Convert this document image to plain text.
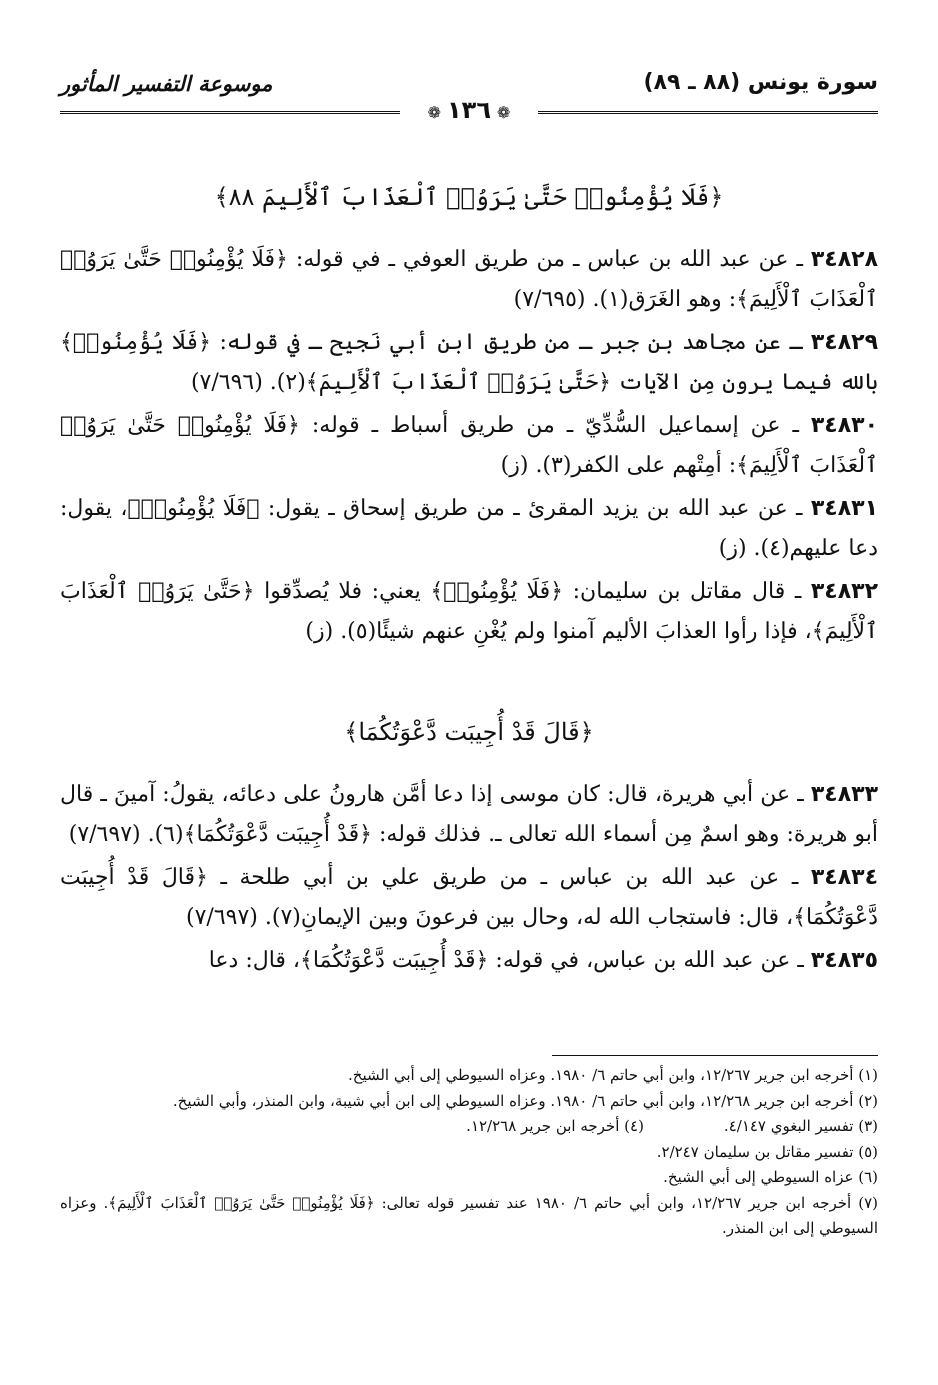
سورة يونس (٨٨ ـ ٨٩)
موسوعة التفسير المأثور
❁١٣٦❁
﴿فَلَا يُؤْمِنُوا۟ حَتَّىٰ يَرَوُا۟ ٱلْعَذَابَ ٱلْأَلِيمَ ٨٨﴾

٣٤٨٢٨ ـ عن عبد الله بن عباس ـ من طريق العوفي ـ في قوله: ﴿فَلَا يُؤْمِنُوا۟ حَتَّىٰ يَرَوُا۟ ٱلْعَذَابَ ٱلْأَلِيمَ﴾: وهو الغَرَق(١). (٧/٦٩٥)

٣٤٨٢٩ ـ عن مجاهد بن جبر ـ من طريق ابن أبي نَجيح ـ في قوله: ﴿فَلَا يُؤْمِنُوا۟﴾ بالله فيما يرون مِن الآيات ﴿حَتَّىٰ يَرَوُا۟ ٱلْعَذَابَ ٱلْأَلِيمَ﴾(٢). (٧/٦٩٦)

٣٤٨٣٠ ـ عن إسماعيل السُّدِّيّ ـ من طريق أسباط ـ قوله: ﴿فَلَا يُؤْمِنُوا۟ حَتَّىٰ يَرَوُا۟ ٱلْعَذَابَ ٱلْأَلِيمَ﴾: أمِتْهم على الكفر(٣). (ز)

٣٤٨٣١ ـ عن عبد الله بن يزيد المقرئ ـ من طريق إسحاق ـ يقول: ﴿فَلَا يُؤْمِنُوا۟﴾، يقول: دعا عليهم(٤). (ز)

٣٤٨٣٢ ـ قال مقاتل بن سليمان: ﴿فَلَا يُؤْمِنُوا۟﴾ يعني: فلا يُصدِّقوا ﴿حَتَّىٰ يَرَوُا۟ ٱلْعَذَابَ ٱلْأَلِيمَ﴾، فإذا رأوا العذابَ الأليم آمنوا ولم يُغْنِ عنهم شيئًا(٥). (ز)

﴿قَالَ قَدْ أُجِيبَت دَّعْوَتُكُمَا﴾

٣٤٨٣٣ ـ عن أبي هريرة، قال: كان موسى إذا دعا أمَّن هارونُ على دعائه، يقولُ: آمينَ ـ قال أبو هريرة: وهو اسمٌ مِن أسماء الله تعالى ـ. فذلك قوله: ﴿قَدْ أُجِيبَت دَّعْوَتُكُمَا﴾(٦). (٧/٦٩٧)

٣٤٨٣٤ ـ عن عبد الله بن عباس ـ من طريق علي بن أبي طلحة ـ ﴿قَالَ قَدْ أُجِيبَت دَّعْوَتُكُمَا﴾، قال: فاستجاب الله له، وحال بين فرعونَ وبين الإيمانِ(٧). (٧/٦٩٧)

٣٤٨٣٥ ـ عن عبد الله بن عباس، في قوله: ﴿قَدْ أُجِيبَت دَّعْوَتُكُمَا﴾، قال: دعا

(١) أخرجه ابن جرير ١٢/٢٦٧، وابن أبي حاتم ٦/ ١٩٨٠. وعزاه السيوطي إلى أبي الشيخ.

(٢) أخرجه ابن جرير ١٢/٢٦٨، وابن أبي حاتم ٦/ ١٩٨٠. وعزاه السيوطي إلى ابن أبي شيبة، وابن المنذر، وأبي الشيخ.

(٣) تفسير البغوي ٤/١٤٧.

(٤) أخرجه ابن جرير ١٢/٢٦٨.

(٥) تفسير مقاتل بن سليمان ٢/٢٤٧.

(٦) عزاه السيوطي إلى أبي الشيخ.

(٧) أخرجه ابن جرير ١٢/٢٦٧، وابن أبي حاتم ٦/ ١٩٨٠ عند تفسير قوله تعالى: ﴿فَلَا يُؤْمِنُوا۟ حَتَّىٰ يَرَوُا۟ ٱلْعَذَابَ ٱلْأَلِيمَ﴾. وعزاه السيوطي إلى ابن المنذر.
